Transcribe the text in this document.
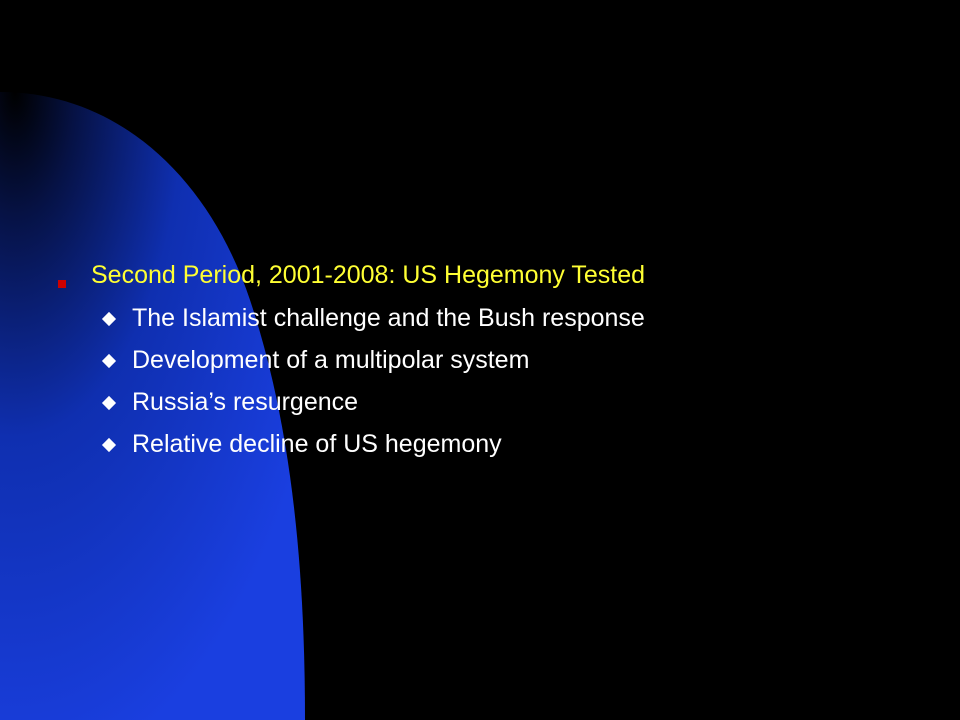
Second Period, 2001-2008: US Hegemony Tested
The Islamist challenge and the Bush response
Development of a multipolar system
Russia’s resurgence
Relative decline of US hegemony
